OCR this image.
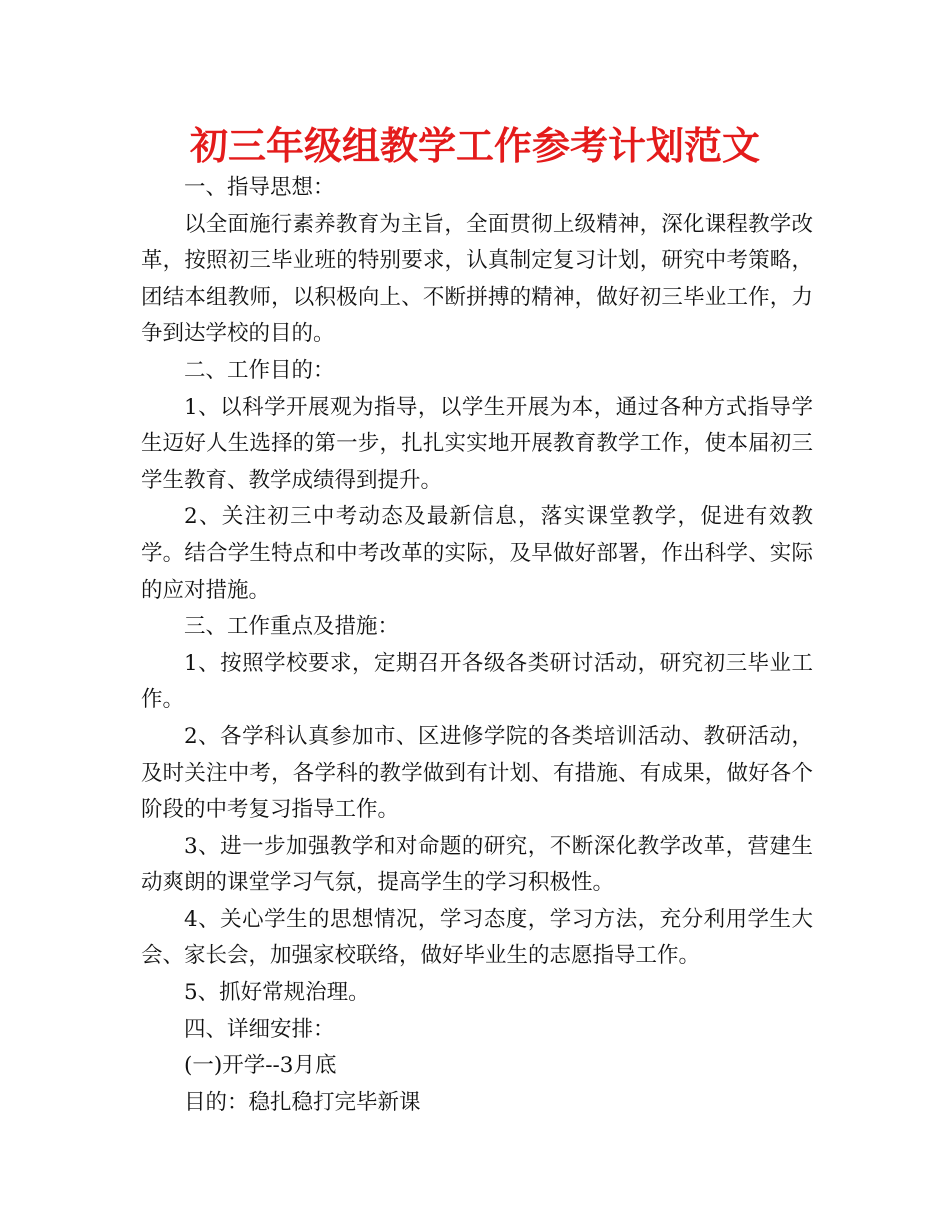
初三年级组教学工作参考计划范文

一、指导思想：

以全面施行素养教育为主旨，全面贯彻上级精神，深化课程教学改革，按照初三毕业班的特别要求，认真制定复习计划，研究中考策略，团结本组教师，以积极向上、不断拼搏的精神，做好初三毕业工作，力争到达学校的目的。

二、工作目的：

1、以科学开展观为指导，以学生开展为本，通过各种方式指导学生迈好人生选择的第一步，扎扎实实地开展教育教学工作，使本届初三学生教育、教学成绩得到提升。

2、关注初三中考动态及最新信息，落实课堂教学，促进有效教学。结合学生特点和中考改革的实际，及早做好部署，作出科学、实际的应对措施。

三、工作重点及措施：

1、按照学校要求，定期召开各级各类研讨活动，研究初三毕业工作。

2、各学科认真参加市、区进修学院的各类培训活动、教研活动，及时关注中考，各学科的教学做到有计划、有措施、有成果，做好各个阶段的中考复习指导工作。

3、进一步加强教学和对命题的研究，不断深化教学改革，营建生动爽朗的课堂学习气氛，提高学生的学习积极性。

4、关心学生的思想情况，学习态度，学习方法，充分利用学生大会、家长会，加强家校联络，做好毕业生的志愿指导工作。

5、抓好常规治理。

四、详细安排：

(一)开学--3月底

目的：稳扎稳打完毕新课
